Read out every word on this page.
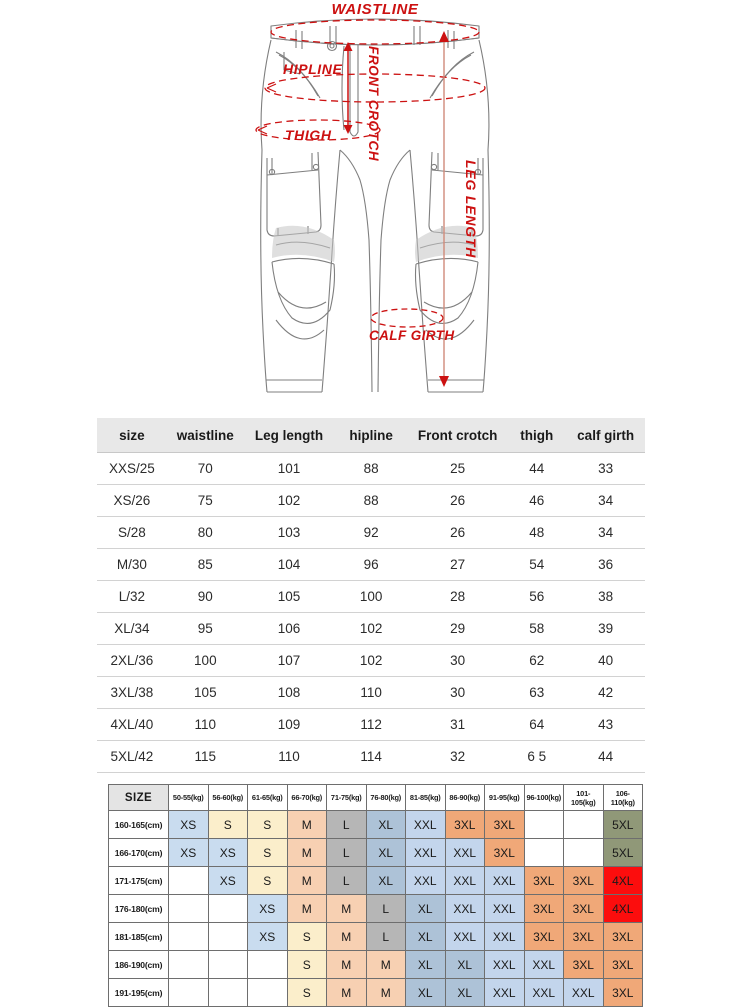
WAISTLINE
HIPLINE
THIGH	FRONT CROTCH
LEG LENGTH
CALF GIRTH
size	waistline	Leg length	hipline	Front crotch	thigh	calf girth
XXS/25	70	101	88	25	44	33
XS/26	75	102	88	26	46	34
S/28	80	103	92	26	48	34
M/30	85	104	96	27	54	36
L/32	90	105	100	28	56	38
XL/34	95	106	102	29	58	39
2XL/36	100	107	102	30	62	40
3XL/38	105	108	110	30	63	42
4XL/40	110	109	112	31	64	43
5XL/42	115	110	114	32	6 5	44
SIZE	50-55(kg)	56-60(kg)	61-65(kg)	66-70(kg)	71-75(kg)	76-80(kg)	81-85(kg)	86-90(kg)	91-95(kg)	96-100(kg)	101-105(kg)	106-110(kg)
160-165(cm)	XS	S	S	M	L	XL	XXL	3XL	3XL			5XL
166-170(cm)	XS	XS	S	M	L	XL	XXL	XXL	3XL			5XL
171-175(cm)		XS	S	M	L	XL	XXL	XXL	XXL	3XL	3XL	4XL
176-180(cm)			XS	M	M	L	XL	XXL	XXL	3XL	3XL	4XL
181-185(cm)			XS	S	M	L	XL	XXL	XXL	3XL	3XL	3XL
186-190(cm)				S	M	M	XL	XL	XXL	XXL	3XL	3XL
191-195(cm)				S	M	M	XL	XL	XXL	XXL	XXL	3XL
